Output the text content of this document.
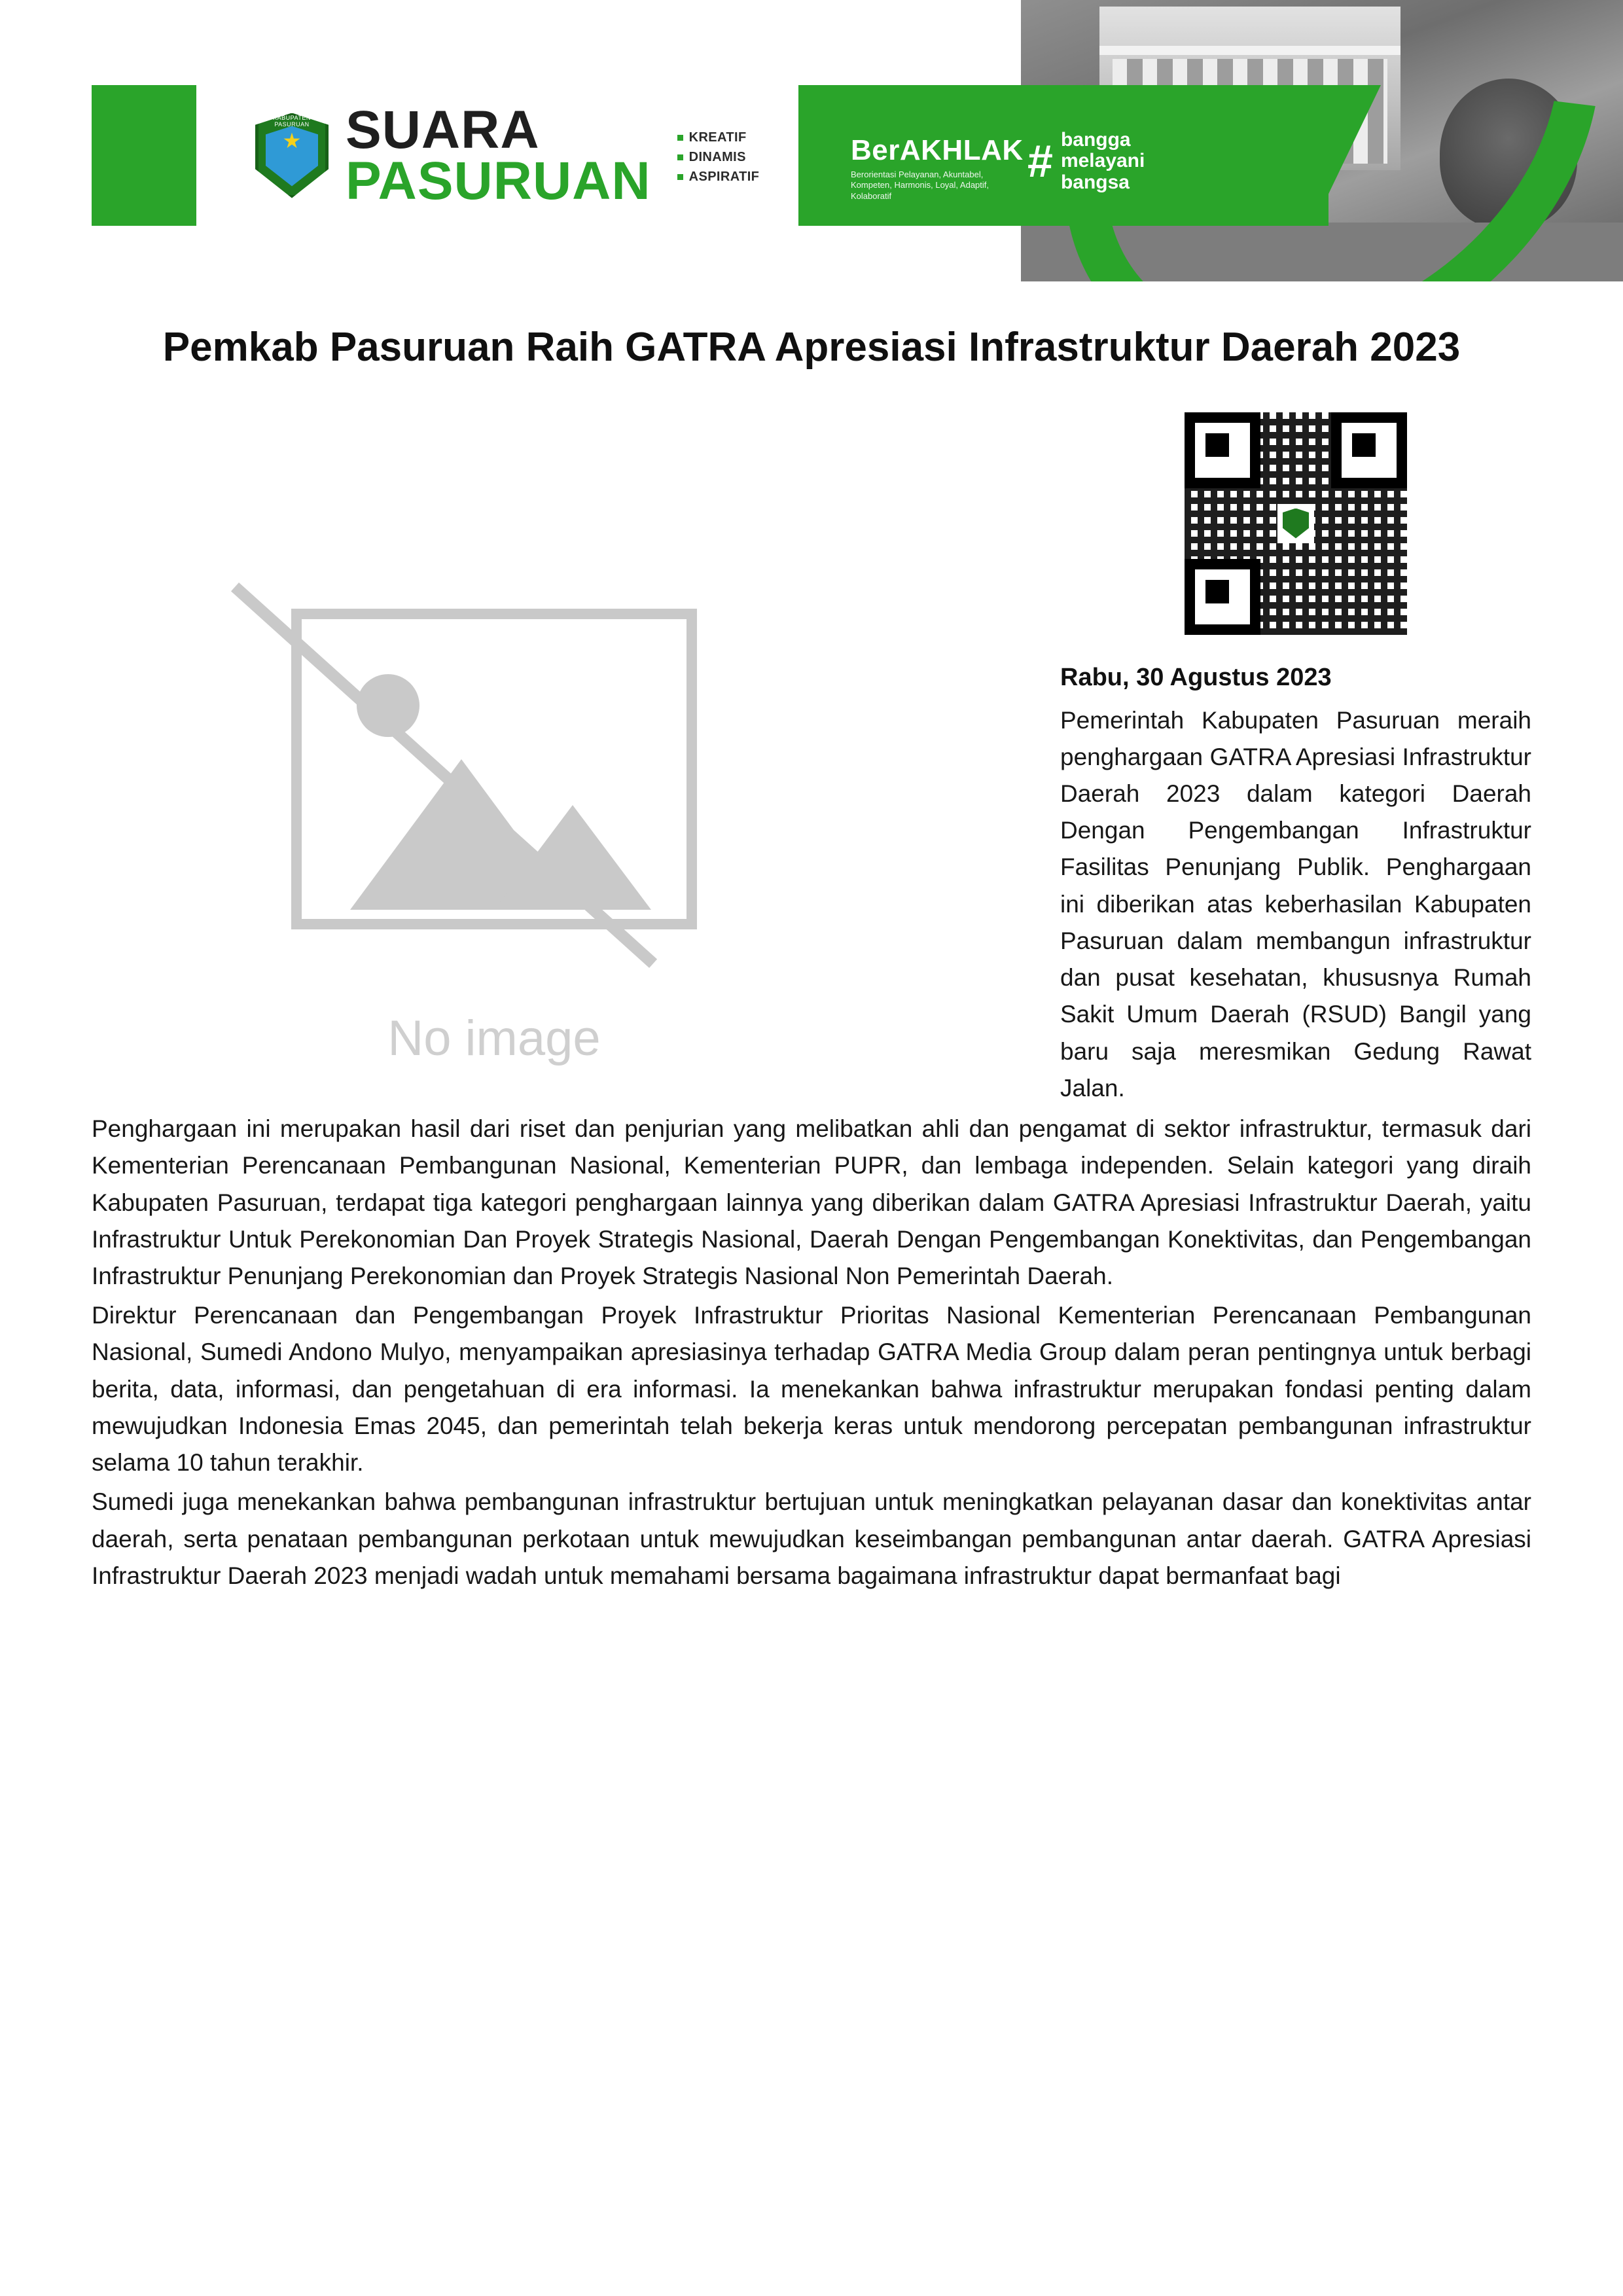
KABUPATEN PASURUAN SUARA
PASURUAN
KREATIF
DINAMIS
ASPIRATIF
BerAKHLAK
Berorientasi Pelayanan, Akuntabel, Kompeten, Harmonis, Loyal, Adaptif, Kolaboratif
# bangga
melayani
bangsa
Pemkab Pasuruan Raih GATRA Apresiasi Infrastruktur Daerah 2023
No image
Rabu, 30 Agustus 2023

Pemerintah Kabupaten Pasuruan meraih penghargaan GATRA Apresiasi Infrastruktur Daerah 2023 dalam kategori Daerah Dengan Pengembangan Infrastruktur Fasilitas Penunjang Publik. Penghargaan ini diberikan atas keberhasilan Kabupaten Pasuruan dalam membangun infrastruktur dan pusat kesehatan, khususnya Rumah Sakit Umum Daerah (RSUD) Bangil yang baru saja meresmikan Gedung Rawat Jalan.

Penghargaan ini merupakan hasil dari riset dan penjurian yang melibatkan ahli dan pengamat di sektor infrastruktur, termasuk dari Kementerian Perencanaan Pembangunan Nasional, Kementerian PUPR, dan lembaga independen. Selain kategori yang diraih Kabupaten Pasuruan, terdapat tiga kategori penghargaan lainnya yang diberikan dalam GATRA Apresiasi Infrastruktur Daerah, yaitu Infrastruktur Untuk Perekonomian Dan Proyek Strategis Nasional, Daerah Dengan Pengembangan Konektivitas, dan Pengembangan Infrastruktur Penunjang Perekonomian dan Proyek Strategis Nasional Non Pemerintah Daerah.

Direktur Perencanaan dan Pengembangan Proyek Infrastruktur Prioritas Nasional Kementerian Perencanaan Pembangunan Nasional, Sumedi Andono Mulyo, menyampaikan apresiasinya terhadap GATRA Media Group dalam peran pentingnya untuk berbagi berita, data, informasi, dan pengetahuan di era informasi. Ia menekankan bahwa infrastruktur merupakan fondasi penting dalam mewujudkan Indonesia Emas 2045, dan pemerintah telah bekerja keras untuk mendorong percepatan pembangunan infrastruktur selama 10 tahun terakhir.

Sumedi juga menekankan bahwa pembangunan infrastruktur bertujuan untuk meningkatkan pelayanan dasar dan konektivitas antar daerah, serta penataan pembangunan perkotaan untuk mewujudkan keseimbangan pembangunan antar daerah. GATRA Apresiasi Infrastruktur Daerah 2023 menjadi wadah untuk memahami bersama bagaimana infrastruktur dapat bermanfaat bagi
